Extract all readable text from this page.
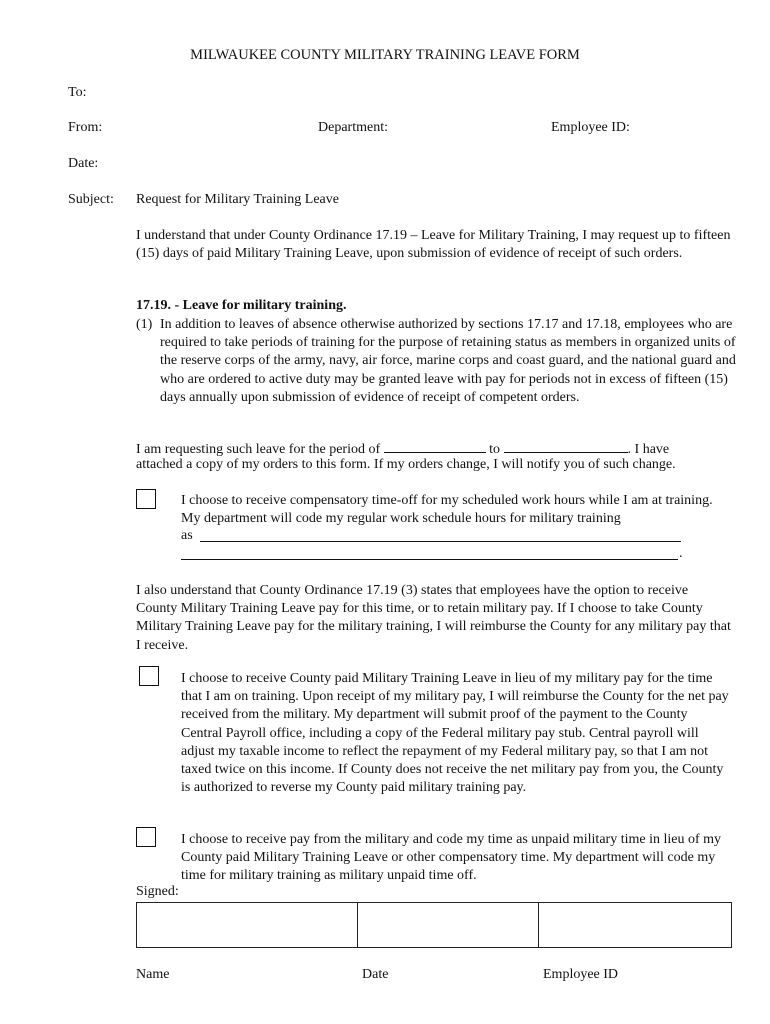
MILWAUKEE COUNTY MILITARY TRAINING LEAVE FORM
To:
From:	Department:	Employee ID:
Date:
Subject: Request for Military Training Leave
I understand that under County Ordinance 17.19 – Leave for Military Training, I may request up to fifteen (15) days of paid Military Training Leave, upon submission of evidence of receipt of such orders.
17.19. - Leave for military training.
(1) In addition to leaves of absence otherwise authorized by sections 17.17 and 17.18, employees who are required to take periods of training for the purpose of retaining status as members in organized units of the reserve corps of the army, navy, air force, marine corps and coast guard, and the national guard and who are ordered to active duty may be granted leave with pay for periods not in excess of fifteen (15) days annually upon submission of evidence of receipt of competent orders.
I am requesting such leave for the period of	to	. I have
attached a copy of my orders to this form. If my orders change, I will notify you of such change.
I choose to receive compensatory time-off for my scheduled work hours while I am at training. My department will code my regular work schedule hours for military training
as
.
I also understand that County Ordinance 17.19 (3) states that employees have the option to receive County Military Training Leave pay for this time, or to retain military pay. If I choose to take County Military Training Leave pay for the military training, I will reimburse the County for any military pay that I receive.
I choose to receive County paid Military Training Leave in lieu of my military pay for the time that I am on training. Upon receipt of my military pay, I will reimburse the County for the net pay received from the military. My department will submit proof of the payment to the County Central Payroll office, including a copy of the Federal military pay stub. Central payroll will adjust my taxable income to reflect the repayment of my Federal military pay, so that I am not taxed twice on this income. If County does not receive the net military pay from you, the County is authorized to reverse my County paid military training pay.
I choose to receive pay from the military and code my time as unpaid military time in lieu of my County paid Military Training Leave or other compensatory time. My department will code my time for military training as military unpaid time off.
Signed:
Name	Date	Employee ID
